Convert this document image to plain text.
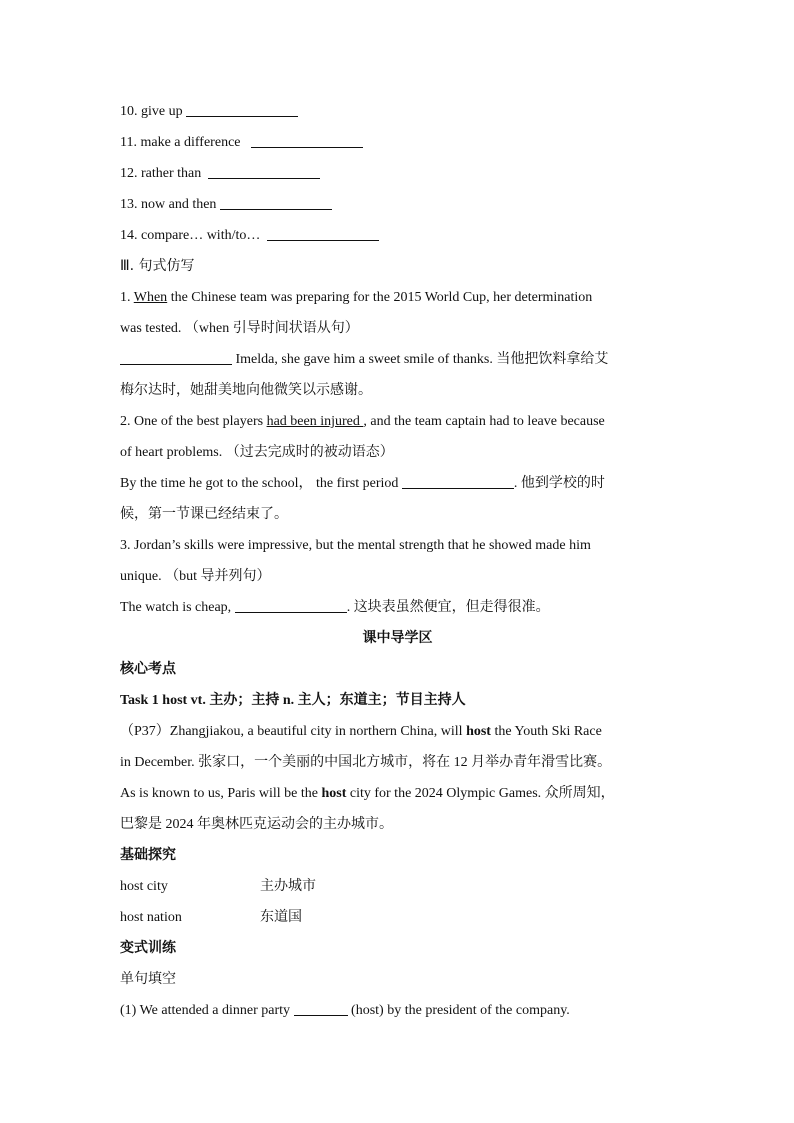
10. give up
11. make a difference
12. rather than
13. now and then
14. compare… with/to…
Ⅲ. 句式仿写
1. When the Chinese team was preparing for the 2015 World Cup, her determination
was tested. （when 引导时间状语从句）
Imelda, she gave him a sweet smile of thanks. 当他把饮料拿给艾
梅尔达时，她甜美地向他微笑以示感谢。
2. One of the best players had been injured , and the team captain had to leave because
of heart problems. （过去完成时的被动语态）
By the time he got to the school， the first period	. 他到学校的时
候，第一节课已经结束了。
3. Jordan’s skills were impressive, but the mental strength that he showed made him
unique. （but 导并列句）
The watch is cheap,	. 这块表虽然便宜，但走得很准。
课中导学区
核心考点
Task 1 host vt. 主办；主持 n. 主人；东道主；节目主持人
（P37）Zhangjiakou, a beautiful city in northern China, will host the Youth Ski Race
in December. 张家口，一个美丽的中国北方城市，将在 12 月举办青年滑雪比赛。
As is known to us, Paris will be the host city for the 2024 Olympic Games. 众所周知，
巴黎是 2024 年奥林匹克运动会的主办城市。
基础探究
host city	主办城市
host nation	东道国
变式训练
单句填空
(1) We attended a dinner party	(host) by the president of the company.
